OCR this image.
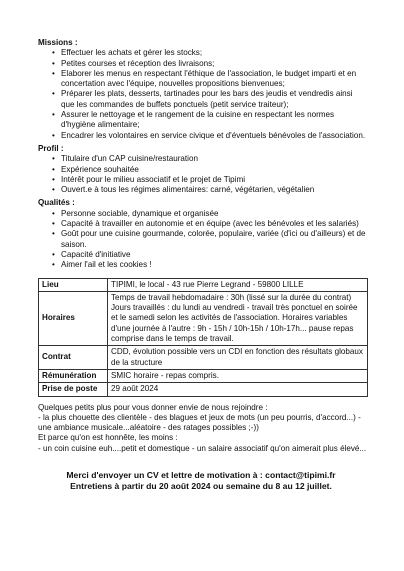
Missions :

• Effectuer les achats et gérer les stocks;
• Petites courses et réception des livraisons;
• Elaborer les menus en respectant l'éthique de l'association, le budget imparti et en concertation avec l'équipe, nouvelles propositions bienvenues;
• Préparer les plats, desserts, tartinades pour les bars des jeudis et vendredis ainsi que les commandes de buffets ponctuels (petit service traiteur);
• Assurer le nettoyage et le rangement de la cuisine en respectant les normes d'hygiène alimentaire;
• Encadrer les volontaires en service civique et d'éventuels bénévoles de l'association.

Profil :

• Titulaire d'un CAP cuisine/restauration
• Expérience souhaitée
• Intérêt pour le milieu associatif et le projet de Tipimi
• Ouvert.e à tous les régimes alimentaires: carné, végétarien, végétalien

Qualités :

• Personne sociable, dynamique et organisée
• Capacité à travailler en autonomie et en équipe (avec les bénévoles et les salariés)
• Goût pour une cuisine gourmande, colorée, populaire, variée (d'ici ou d'ailleurs) et de saison.
• Capacité d'initiative
• Aimer l'ail et les cookies !
Lieu	TIPIMI, le local - 43 rue Pierre Legrand - 59800 LILLE
Horaires	Temps de travail hebdomadaire : 30h (lissé sur la durée du contrat) Jours travaillés : du lundi au vendredi - travail très ponctuel en soirée et le samedi selon les activités de l'association. Horaires variables d'une journée à l'autre : 9h - 15h / 10h-15h / 10h-17h... pause repas comprise dans le temps de travail.
Contrat	CDD, évolution possible vers un CDI en fonction des résultats globaux de la structure
Rémunération	SMIC horaire - repas compris.
Prise de poste	29 août 2024

Quelques petits plus pour vous donner envie de nous rejoindre :

- la plus chouette des clientèle - des blagues et jeux de mots (un peu pourris, d'accord...) - une ambiance musicale...aléatoire - des ratages possibles ;-))

Et parce qu'on est honnête, les moins :

- un coin cuisine euh....petit et domestique - un salaire associatif qu'on aimerait plus élevé...

Merci d'envoyer un CV et lettre de motivation à : contact@tipimi.fr

Entretiens à partir du 20 août 2024 ou semaine du 8 au 12 juillet.
